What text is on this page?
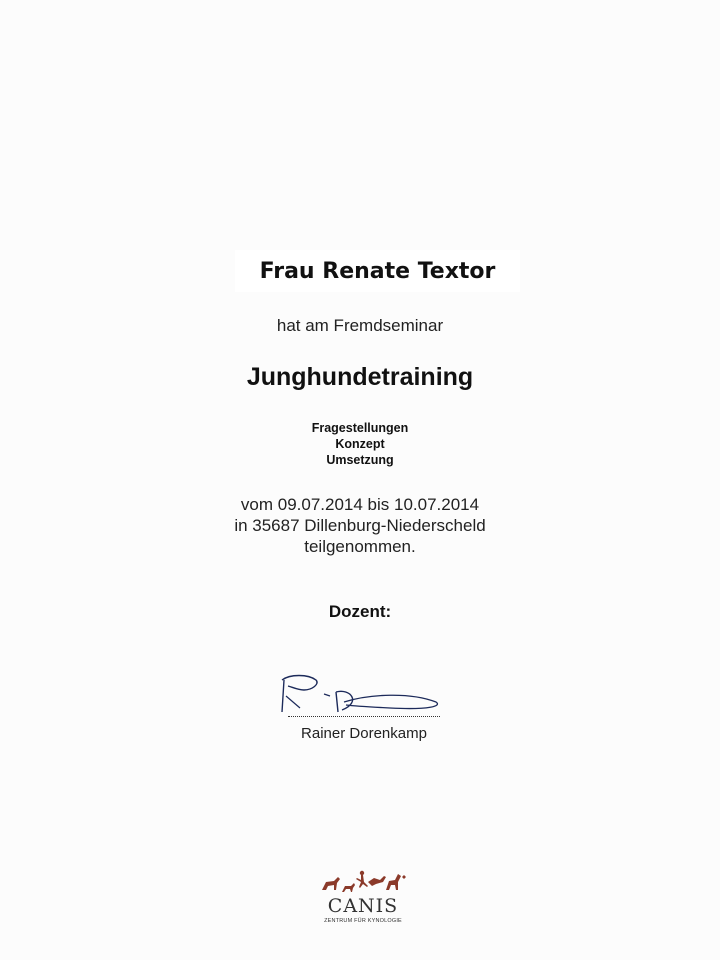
Frau Renate Textor
hat am Fremdseminar
Junghundetraining
Fragestellungen
Konzept
Umsetzung
vom 09.07.2014 bis 10.07.2014
in 35687 Dillenburg-Niederscheld
teilgenommen.
Dozent:
Rainer Dorenkamp
CANIS
ZENTRUM FÜR KYNOLOGIE
